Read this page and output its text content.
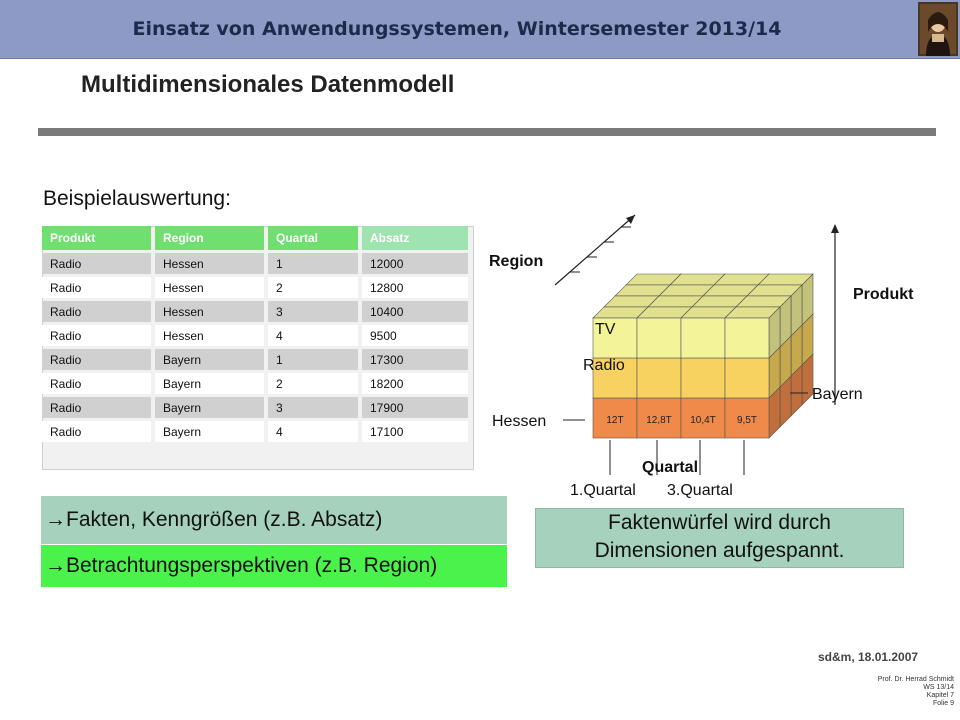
Einsatz von Anwendungssystemen, Wintersemester 2013/14
Multidimensionales Datenmodell
Beispielauswertung:
Produkt	Region	Quartal	Absatz
Radio	Hessen	1	12000
Radio	Hessen	2	12800
Radio	Hessen	3	10400
Radio	Hessen	4	9500
Radio	Bayern	1	17300
Radio	Bayern	2	18200
Radio	Bayern	3	17900
Radio	Bayern	4	17100
→Fakten, Kenngrößen (z.B. Absatz)
→Betrachtungsperspektiven (z.B. Region)
Faktenwürfel wird durch
Dimensionen aufgespannt.
12T 12,8T 10,4T 9,5T
Region
Produkt
TV
Radio
Bayern
Hessen
Quartal
1.Quartal 3.Quartal
sd&m, 18.01.2007
Prof. Dr. Herrad Schmidt
WS 13/14
Kapitel 7
Folie 9
